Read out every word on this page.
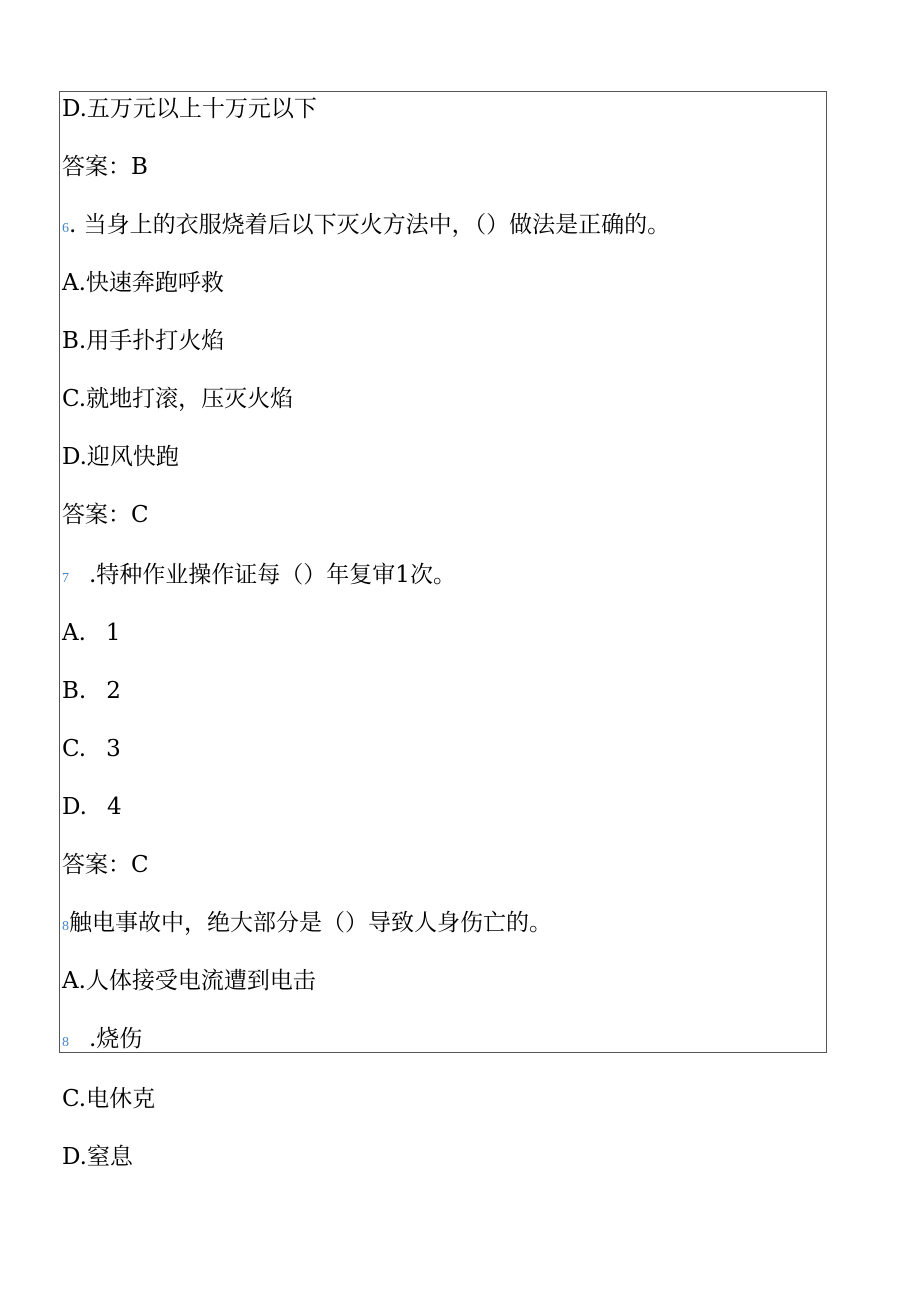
D.五万元以上十万元以下
答案：B
6. 当身上的衣服烧着后以下灭火方法中，（）做法是正确的。
A.快速奔跑呼救
B.用手扑打火焰
C.就地打滚，压灭火焰
D.迎风快跑
答案：C
7 .特种作业操作证每（）年复审1次。
A. 1
B. 2
C. 3
D. 4
答案：C
8触电事故中，绝大部分是（）导致人身伤亡的。
A.人体接受电流遭到电击
8 .烧伤
C.电休克
D.窒息
